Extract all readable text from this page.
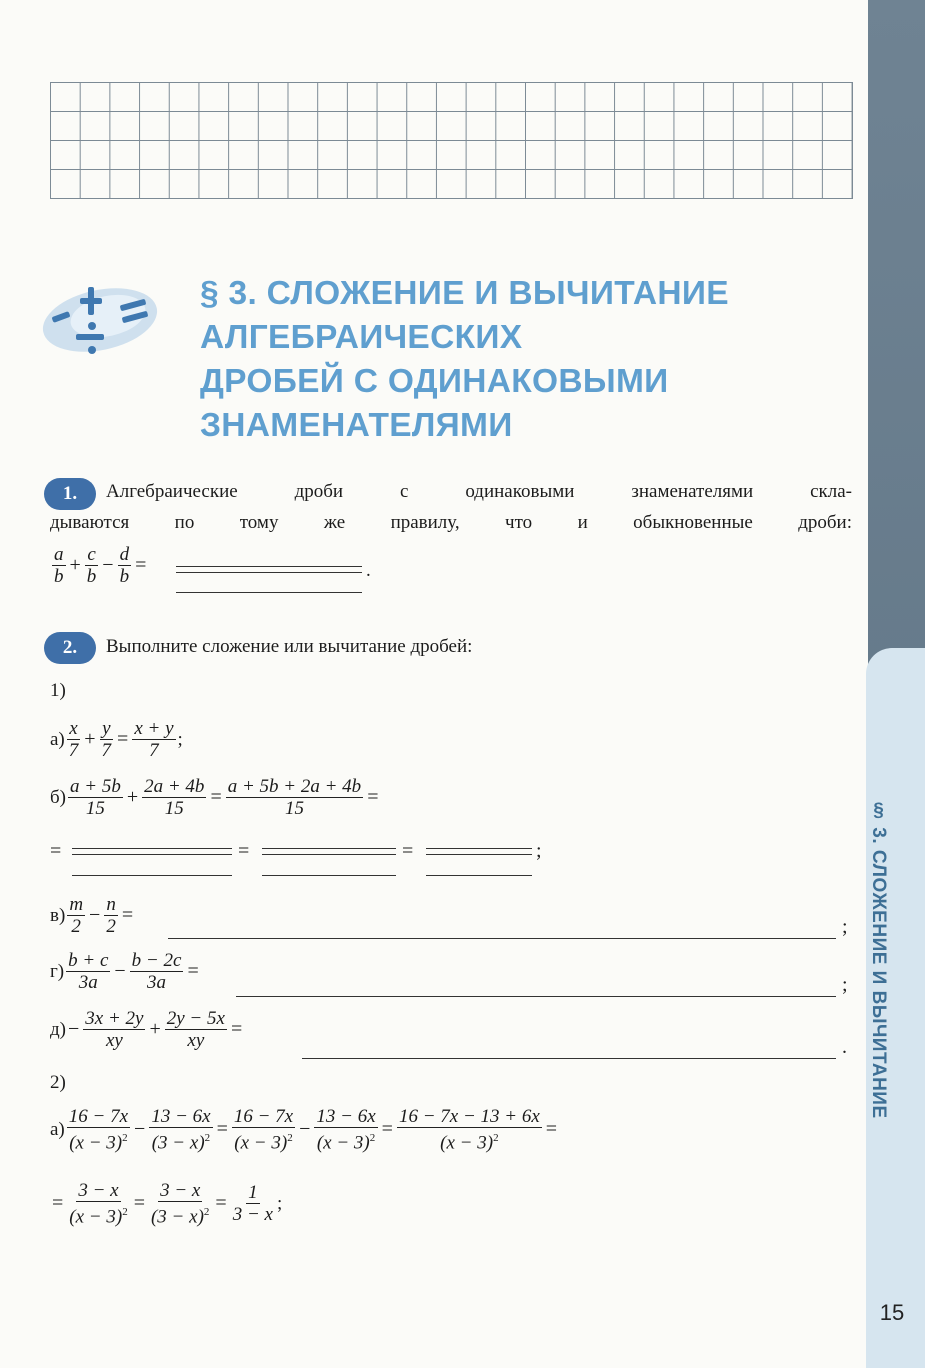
§ 3. СЛОЖЕНИЕ И ВЫЧИТАНИЕ
15
§ 3. СЛОЖЕНИЕ И ВЫЧИТАНИЕ
АЛГЕБРАИЧЕСКИХ
ДРОБЕЙ С ОДИНАКОВЫМИ
ЗНАМЕНАТЕЛЯМИ
1.	Алгебраические дроби с одинаковыми знаменателями скла-
дываются по тому же правилу, что и обыкновенные дроби:
$\frac{a}{b} + \frac{c}{b} - \frac{d}{b}$ =	.
2.	Выполните сложение или вычитание дробей:
1)
$а) \frac{x}{7} + \frac{y}{7} = \frac{x + y}{7}$ ;
$б) \frac{a + 5b}{15} + \frac{2a + 4b}{15} = \frac{a + 5b + 2a + 4b}{15}$ =
=	=	=	;
$в) \frac{m}{2} - \frac{n}{2}$ =
;
$г) \frac{b + c}{3a} - \frac{b - 2c}{3a}$ =
;
$д) - \frac{3x + 2y}{xy} + \frac{2y - 5x}{xy}$ =
.
2)
$а) \frac{16 - 7x}{(x - 3)^2} - \frac{13 - 6x}{(3 - x)^2} = \frac{16 - 7x}{(x - 3)^2} - \frac{13 - 6x}{(x - 3)^2} = \frac{16 - 7x - 13 + 6x}{(x - 3)^2}$ =
= $\frac{3 - x}{(x - 3)^2} = \frac{3 - x}{(3 - x)^2} = \frac{1}{3 - x}$ ;
